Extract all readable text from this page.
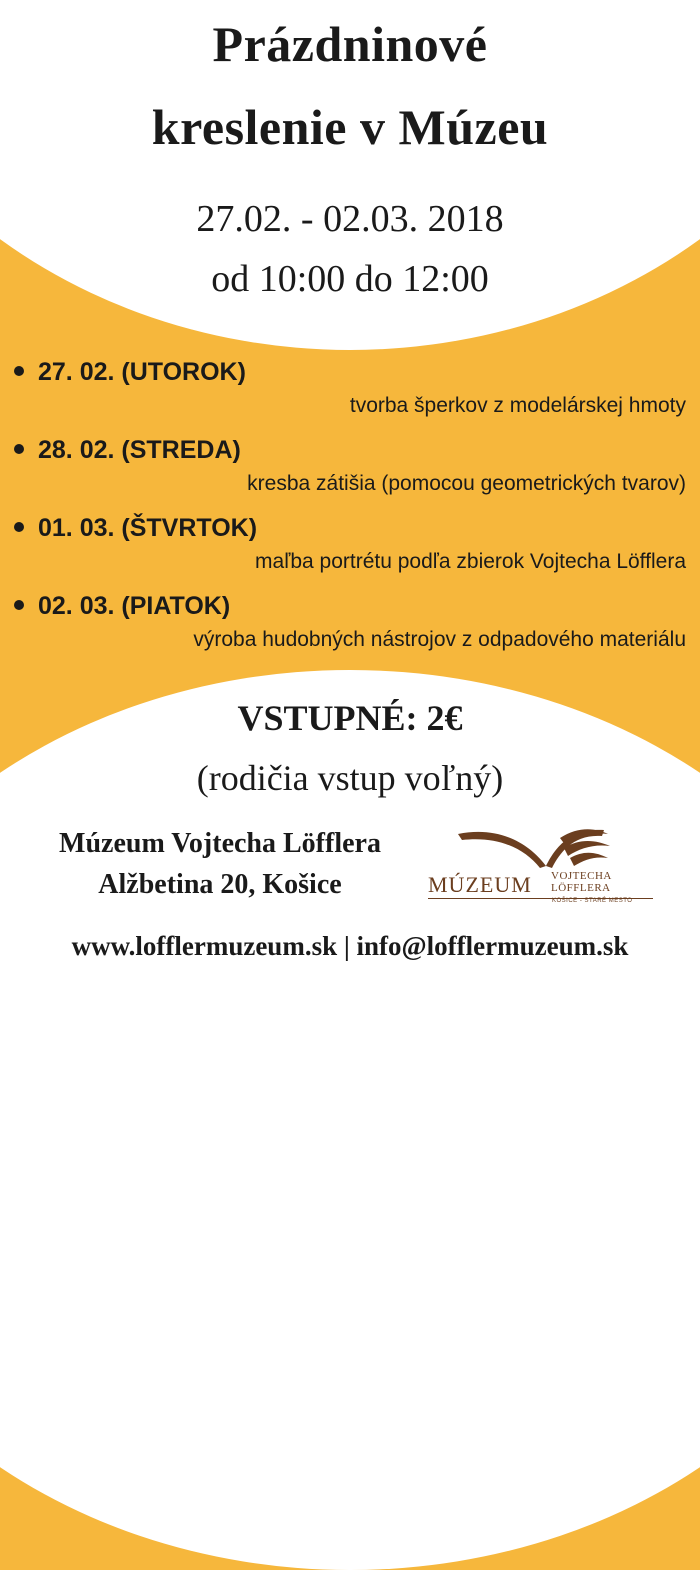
Prázdninové
kreslenie v Múzeu
27.02. - 02.03. 2018
od 10:00 do 12:00
27. 02. (UTOROK)
tvorba šperkov z modelárskej hmoty
28. 02. (STREDA)
kresba zátišia (pomocou geometrických tvarov)
01. 03. (ŠTVRTOK)
maľba portrétu podľa zbierok Vojtecha Löfflera
02. 03. (PIATOK)
výroba hudobných nástrojov z odpadového materiálu
VSTUPNÉ: 2€
(rodičia vstup voľný)
Múzeum Vojtecha Löfflera
Alžbetina 20, Košice	MÚZEUM VOJTECHA
LÖFFLERA
KOŠICE - STARÉ MESTO
www.lofflermuzeum.sk | info@lofflermuzeum.sk
